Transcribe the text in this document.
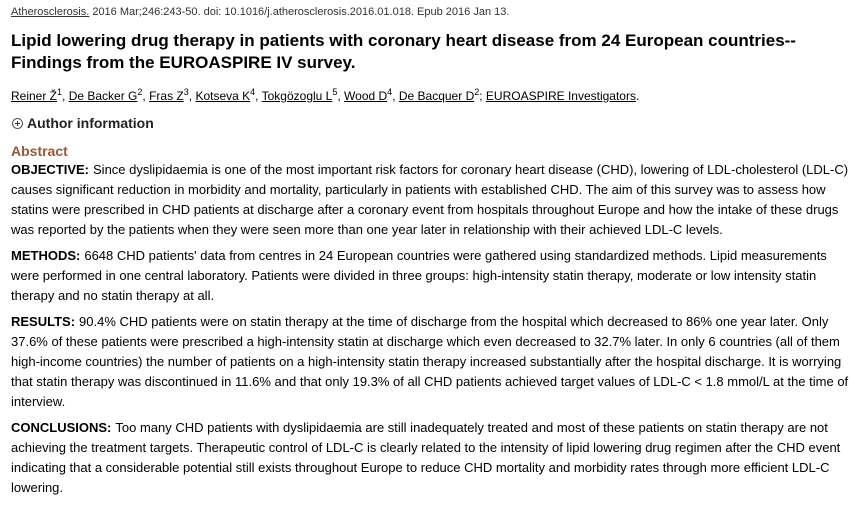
Atherosclerosis. 2016 Mar;246:243-50. doi: 10.1016/j.atherosclerosis.2016.01.018. Epub 2016 Jan 13.
Lipid lowering drug therapy in patients with coronary heart disease from 24 European countries--Findings from the EUROASPIRE IV survey.
Reiner $Ž^1$, De Backer $G^2$, Fras $Z^3$, Kotseva $K^4$, Tokgözoglu $L^5$, Wood $D^4$, De Bacquer $D^2$; EUROASPIRE Investigators.
Author information
Abstract

OBJECTIVE: Since dyslipidaemia is one of the most important risk factors for coronary heart disease (CHD), lowering of LDL-cholesterol (LDL-C) causes significant reduction in morbidity and mortality, particularly in patients with established CHD. The aim of this survey was to assess how statins were prescribed in CHD patients at discharge after a coronary event from hospitals throughout Europe and how the intake of these drugs was reported by the patients when they were seen more than one year later in relationship with their achieved LDL-C levels.

METHODS: 6648 CHD patients' data from centres in 24 European countries were gathered using standardized methods. Lipid measurements were performed in one central laboratory. Patients were divided in three groups: high-intensity statin therapy, moderate or low intensity statin therapy and no statin therapy at all.

RESULTS: 90.4% CHD patients were on statin therapy at the time of discharge from the hospital which decreased to 86% one year later. Only 37.6% of these patients were prescribed a high-intensity statin at discharge which even decreased to 32.7% later. In only 6 countries (all of them high-income countries) the number of patients on a high-intensity statin therapy increased substantially after the hospital discharge. It is worrying that statin therapy was discontinued in 11.6% and that only 19.3% of all CHD patients achieved target values of LDL-C < 1.8 mmol/L at the time of interview.

CONCLUSIONS: Too many CHD patients with dyslipidaemia are still inadequately treated and most of these patients on statin therapy are not achieving the treatment targets. Therapeutic control of LDL-C is clearly related to the intensity of lipid lowering drug regimen after the CHD event indicating that a considerable potential still exists throughout Europe to reduce CHD mortality and morbidity rates through more efficient LDL-C lowering.
